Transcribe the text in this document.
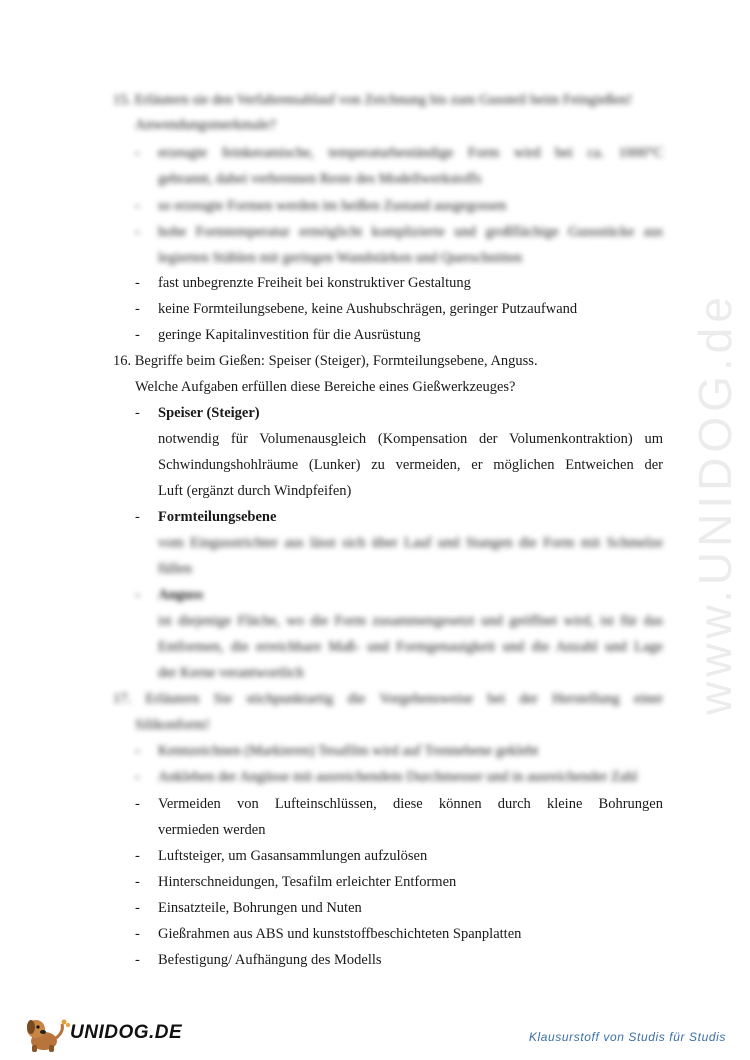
www.UNIDOG.de
15. Erläutern sie den Verfahrensablauf von Zeichnung bis zum Gussteil beim Feingießen!
Anwendungsmerkmale?
- erzeugte feinkeramische, temperaturbeständige Form wird bei ca. 1000°C
gebrannt, dabei verbrennen Reste des Modellwerkstoffs
- so erzeugte Formen werden im heißen Zustand ausgegossen
- hohe Formtemperatur ermöglicht komplizierte und großflächige Gussstücke aus
legierten Stählen mit geringen Wandstärken und Querschnitten
- fast unbegrenzte Freiheit bei konstruktiver Gestaltung
- keine Formteilungsebene, keine Aushubschrägen, geringer Putzaufwand
- geringe Kapitalinvestition für die Ausrüstung
16. Begriffe beim Gießen: Speiser (Steiger), Formteilungsebene, Anguss.
Welche Aufgaben erfüllen diese Bereiche eines Gießwerkzeuges?
- Speiser (Steiger)
notwendig für Volumenausgleich (Kompensation der Volumenkontraktion) um
Schwindungshohlräume (Lunker) zu vermeiden, er möglichen Entweichen der
Luft (ergänzt durch Windpfeifen)
- Formteilungsebene
vom Eingusstrichter aus lässt sich über Lauf und Stangen die Form mit Schmelze
füllen
- Anguss
ist diejenige Fläche, wo die Form zusammengesetzt und geöffnet wird, ist für das
Entformen, die erreichbare Maß- und Formgenauigkeit und die Anzahl und Lage
der Kerne verantwortlich
17. Erläutern Sie stichpunktartig die Vorgehensweise bei der Herstellung einer
Silikonform!
- Kennzeichnen (Markieren) Tesafilm wird auf Trennebene geklebt
- Ankleben der Angüsse mit ausreichendem Durchmesser und in ausreichender Zahl
- Vermeiden von Lufteinschlüssen, diese können durch kleine Bohrungen
vermieden werden
- Luftsteiger, um Gasansammlungen aufzulösen
- Hinterschneidungen, Tesafilm erleichter Entformen
- Einsatzteile, Bohrungen und Nuten
- Gießrahmen aus ABS und kunststoffbeschichteten Spanplatten
- Befestigung/ Aufhängung des Modells
UNIDOG.DE	Klausurstoff von Studis für Studis
